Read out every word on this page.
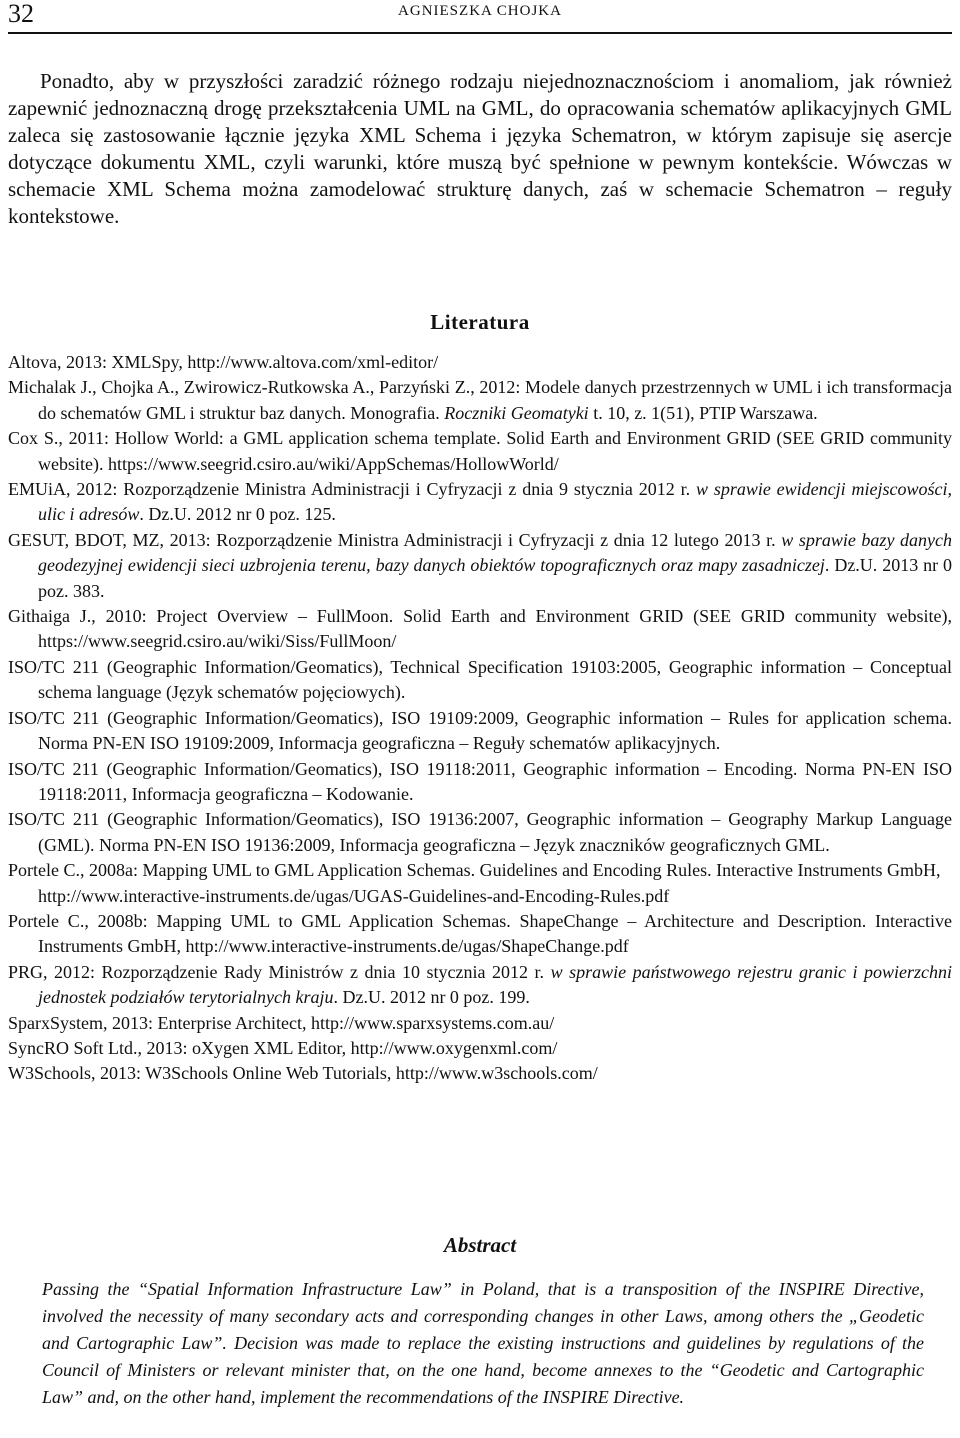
32	AGNIESZKA CHOJKA

Ponadto, aby w przyszłości zaradzić różnego rodzaju niejednoznacznościom i anomaliom, jak również zapewnić jednoznaczną drogę przekształcenia UML na GML, do opracowania schematów aplikacyjnych GML zaleca się zastosowanie łącznie języka XML Schema i języka Schematron, w którym zapisuje się asercje dotyczące dokumentu XML, czyli warunki, które muszą być spełnione w pewnym kontekście. Wówczas w schemacie XML Schema można zamodelować strukturę danych, zaś w schemacie Schematron – reguły kontekstowe.

Literatura
Altova, 2013: XMLSpy, http://www.altova.com/xml-editor/
Michalak J., Chojka A., Zwirowicz-Rutkowska A., Parzyński Z., 2012: Modele danych przestrzennych w UML i ich transformacja do schematów GML i struktur baz danych. Monografia. Roczniki Geomatyki t. 10, z. 1(51), PTIP Warszawa.
Cox S., 2011: Hollow World: a GML application schema template. Solid Earth and Environment GRID (SEE GRID community website). https://www.seegrid.csiro.au/wiki/AppSchemas/HollowWorld/
EMUiA, 2012: Rozporządzenie Ministra Administracji i Cyfryzacji z dnia 9 stycznia 2012 r. w sprawie ewidencji miejscowości, ulic i adresów. Dz.U. 2012 nr 0 poz. 125.
GESUT, BDOT, MZ, 2013: Rozporządzenie Ministra Administracji i Cyfryzacji z dnia 12 lutego 2013 r. w sprawie bazy danych geodezyjnej ewidencji sieci uzbrojenia terenu, bazy danych obiektów topograficznych oraz mapy zasadniczej. Dz.U. 2013 nr 0 poz. 383.
Githaiga J., 2010: Project Overview – FullMoon. Solid Earth and Environment GRID (SEE GRID community website), https://www.seegrid.csiro.au/wiki/Siss/FullMoon/
ISO/TC 211 (Geographic Information/Geomatics), Technical Specification 19103:2005, Geographic information – Conceptual schema language (Język schematów pojęciowych).
ISO/TC 211 (Geographic Information/Geomatics), ISO 19109:2009, Geographic information – Rules for application schema. Norma PN-EN ISO 19109:2009, Informacja geograficzna – Reguły schematów aplikacyjnych.
ISO/TC 211 (Geographic Information/Geomatics), ISO 19118:2011, Geographic information – Encoding. Norma PN-EN ISO 19118:2011, Informacja geograficzna – Kodowanie.
ISO/TC 211 (Geographic Information/Geomatics), ISO 19136:2007, Geographic information – Geography Markup Language (GML). Norma PN-EN ISO 19136:2009, Informacja geograficzna – Język znaczników geograficznych GML.
Portele C., 2008a: Mapping UML to GML Application Schemas. Guidelines and Encoding Rules. Interactive Instruments GmbH,
http://www.interactive-instruments.de/ugas/UGAS-Guidelines-and-Encoding-Rules.pdf
Portele C., 2008b: Mapping UML to GML Application Schemas. ShapeChange – Architecture and Description. Interactive Instruments GmbH, http://www.interactive-instruments.de/ugas/ShapeChange.pdf
PRG, 2012: Rozporządzenie Rady Ministrów z dnia 10 stycznia 2012 r. w sprawie państwowego rejestru granic i powierzchni jednostek podziałów terytorialnych kraju. Dz.U. 2012 nr 0 poz. 199.
SparxSystem, 2013: Enterprise Architect, http://www.sparxsystems.com.au/
SyncRO Soft Ltd., 2013: oXygen XML Editor, http://www.oxygenxml.com/
W3Schools, 2013: W3Schools Online Web Tutorials, http://www.w3schools.com/
Abstract

Passing the “Spatial Information Infrastructure Law” in Poland, that is a transposition of the INSPIRE Directive, involved the necessity of many secondary acts and corresponding changes in other Laws, among others the „Geodetic and Cartographic Law”. Decision was made to replace the existing instructions and guidelines by regulations of the Council of Ministers or relevant minister that, on the one hand, become annexes to the “Geodetic and Cartographic Law” and, on the other hand, implement the recommendations of the INSPIRE Directive.
